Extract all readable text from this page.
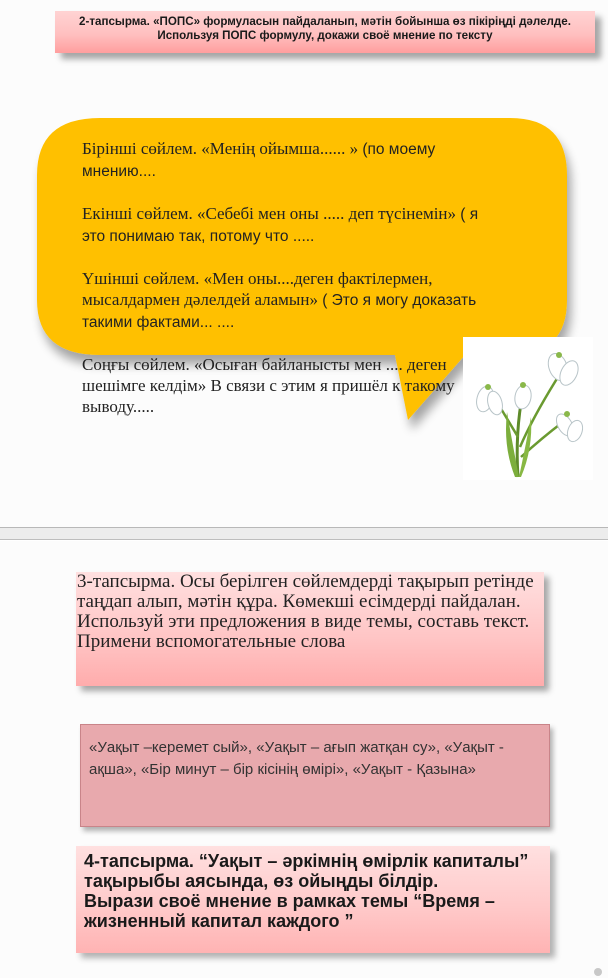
2-тапсырма. «ПОПС» формуласын пайдаланып, мәтін бойынша өз пікіріңді дәлелде.
Используя ПОПС формулу, докажи своё мнение по тексту

Бірінші сөйлем. «Менің ойымша...... » (по моему мнению....

Екінші сөйлем. «Себебі мен оны ..... деп түсінемін» ( я это понимаю так, потому что .....

Үшінші сөйлем. «Мен оны....деген фактілермен, мысалдармен дәлелдей аламын» ( Это я могу доказать такими фактами... ....

Соңғы сөйлем. «Осыған байланысты мен .... деген шешімге келдім» В связи с этим я пришёл к такому выводу.....

3-тапсырма. Осы берілген сөйлемдерді тақырып ретінде таңдап алып, мәтін құра. Көмекші есімдерді пайдалан. Используй эти предложения в виде темы, составь текст. Примени вспомогательные слова
«Уақыт –керемет сый», «Уақыт – ағып жатқан су», «Уақыт - ақша», «Бір минут – бір кісінің өмірі», «Уақыт - Қазына»
4-тапсырма. “Уақыт – әркімнің өмірлік капиталы” тақырыбы аясында, өз ойыңды білдір.
Вырази своё мнение в рамках темы “Время – жизненный капитал каждого ”
